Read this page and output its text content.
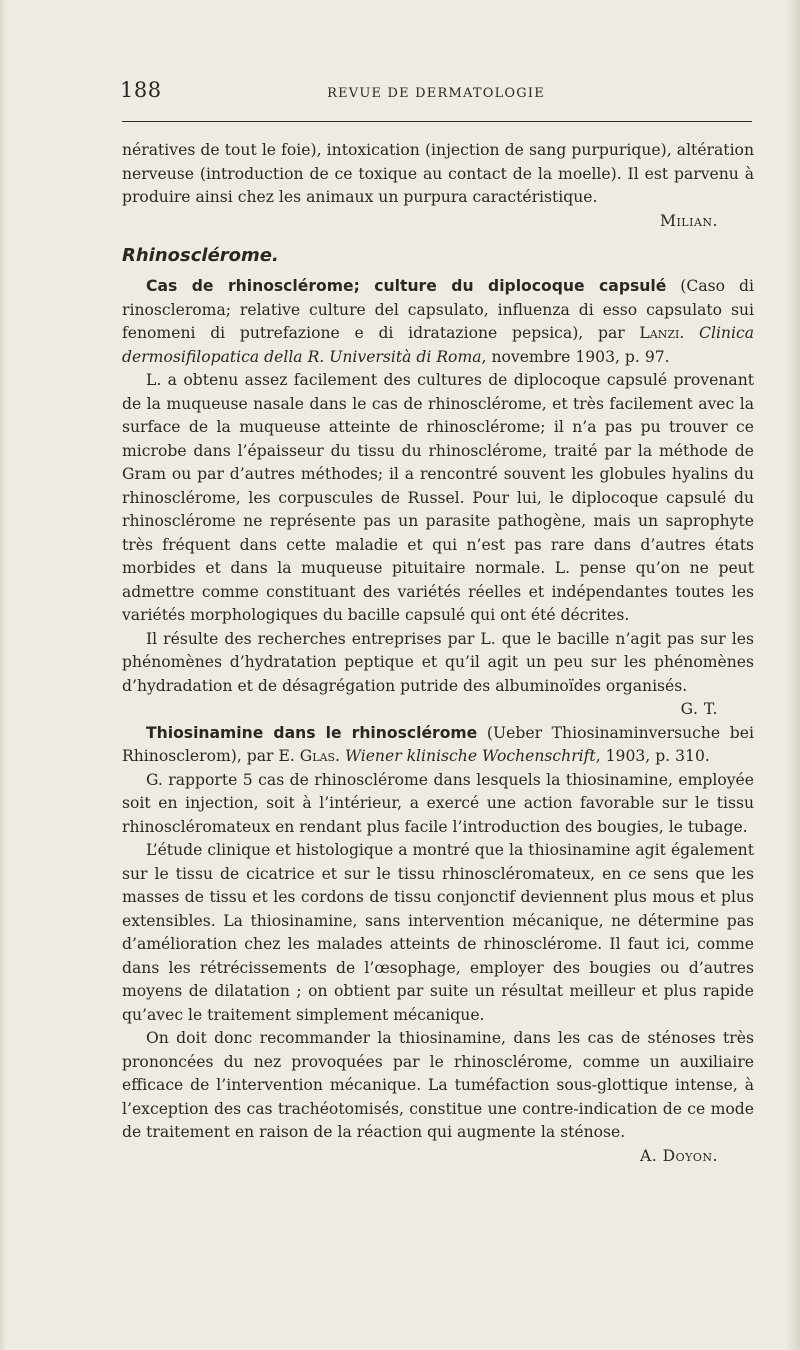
188	REVUE DE DERMATOLOGIE

nératives de tout le foie), intoxication (injection de sang purpurique), altération nerveuse (introduction de ce toxique au contact de la moelle). Il est parvenu à produire ainsi chez les animaux un purpura caractéristique.

Milian.

Rhinosclérome.

Cas de rhinosclérome; culture du diplocoque capsulé (Caso di rinoscleroma; relative culture del capsulato, influenza di esso capsulato sui fenomeni di putrefazione e di idratazione pepsica), par Lanzi. Clinica dermosifilopatica della R. Università di Roma, novembre 1903, p. 97.

L. a obtenu assez facilement des cultures de diplocoque capsulé provenant de la muqueuse nasale dans le cas de rhinosclérome, et très facilement avec la surface de la muqueuse atteinte de rhinosclérome; il n’a pas pu trouver ce microbe dans l’épaisseur du tissu du rhinosclérome, traité par la méthode de Gram ou par d’autres méthodes; il a rencontré souvent les globules hyalins du rhinosclérome, les corpuscules de Russel. Pour lui, le diplocoque capsulé du rhinosclérome ne représente pas un parasite pathogène, mais un saprophyte très fréquent dans cette maladie et qui n’est pas rare dans d’autres états morbides et dans la muqueuse pituitaire normale. L. pense qu’on ne peut admettre comme constituant des variétés réelles et indépendantes toutes les variétés morphologiques du bacille capsulé qui ont été décrites.

Il résulte des recherches entreprises par L. que le bacille n’agit pas sur les phénomènes d’hydratation peptique et qu’il agit un peu sur les phénomènes d’hydradation et de désagrégation putride des albuminoïdes organisés.

G. T.

Thiosinamine dans le rhinosclérome (Ueber Thiosinaminversuche bei Rhinosclerom), par E. Glas. Wiener klinische Wochenschrift, 1903, p. 310.

G. rapporte 5 cas de rhinosclérome dans lesquels la thiosinamine, employée soit en injection, soit à l’intérieur, a exercé une action favorable sur le tissu rhinoscléromateux en rendant plus facile l’introduction des bougies, le tubage.

L’étude clinique et histologique a montré que la thiosinamine agit également sur le tissu de cicatrice et sur le tissu rhinoscléromateux, en ce sens que les masses de tissu et les cordons de tissu conjonctif deviennent plus mous et plus extensibles. La thiosinamine, sans intervention mécanique, ne détermine pas d’amélioration chez les malades atteints de rhinosclérome. Il faut ici, comme dans les rétrécissements de l’œsophage, employer des bougies ou d’autres moyens de dilatation ; on obtient par suite un résultat meilleur et plus rapide qu’avec le traitement simplement mécanique.

On doit donc recommander la thiosinamine, dans les cas de sténoses très prononcées du nez provoquées par le rhinosclérome, comme un auxiliaire efficace de l’intervention mécanique. La tuméfaction sous-glottique intense, à l’exception des cas trachéotomisés, constitue une contre-indication de ce mode de traitement en raison de la réaction qui augmente la sténose.

A. Doyon.
